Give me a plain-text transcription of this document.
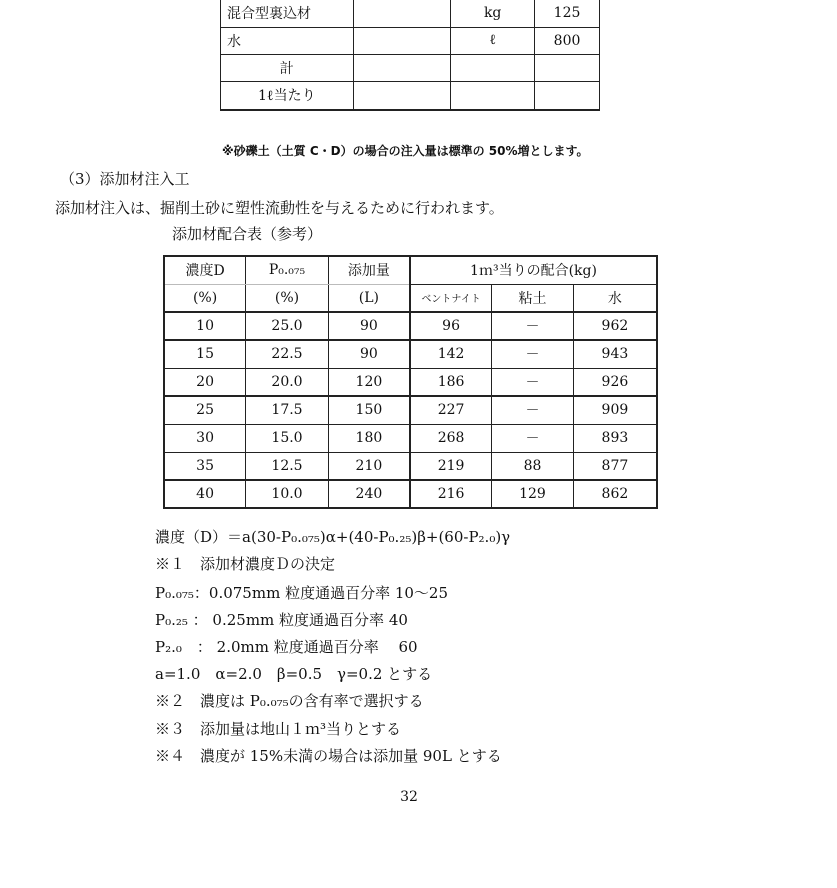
混合型裏込材		kg	125
水		ℓ	800
計			
1ℓ当たり			
※砂礫土（土質 C・D）の場合の注入量は標準の 50%増とします。
（3）添加材注入工
添加材注入は、掘削土砂に塑性流動性を与えるために行われます。
添加材配合表（参考）
濃度D	P₀.₀₇₅	添加量	1ｍ³当りの配合(kg)		
(%)	(%)	(L)	ベントナイト	粘土	水
10	25.0	90	96	－	962
15	22.5	90	142	－	943
20	20.0	120	186	－	926
25	17.5	150	227	－	909
30	15.0	180	268	－	893
35	12.5	210	219	88	877
40	10.0	240	216	129	862
濃度（D）＝a(30-P₀.₀₇₅)α+(40-P₀.₂₅)β+(60-P₂.₀)γ
※１　添加材濃度Ｄの決定
P₀.₀₇₅：0.075mm 粒度通過百分率 10～25
P₀.₂₅ ： 0.25mm 粒度通過百分率 40
P₂.₀　： 2.0mm 粒度通過百分率　 60
a=1.0　α=2.0　β=0.5　γ=0.2 とする
※２　濃度は P₀.₀₇₅の含有率で選択する
※３　添加量は地山１ｍ³当りとする
※４　濃度が 15%未満の場合は添加量 90L とする
32
